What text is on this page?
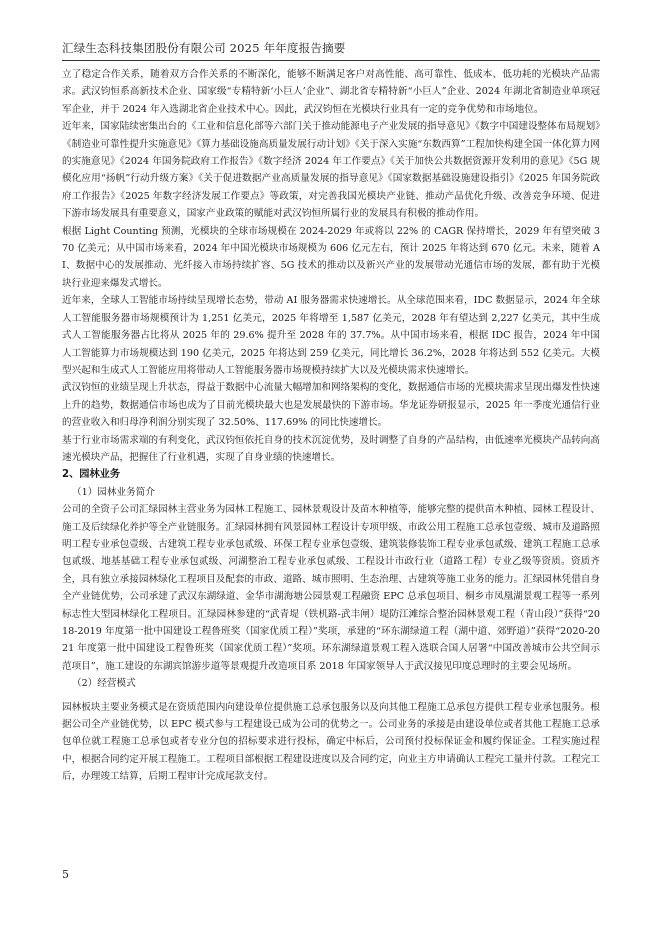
汇绿生态科技集团股份有限公司 2025 年年度报告摘要

立了稳定合作关系，随着双方合作关系的不断深化，能够不断满足客户对高性能、高可靠性、低成本、低功耗的光模块产品需求。武汉钧恒系高新技术企业、国家级“专精特新‘小巨人’企业”、湖北省专精特新“小巨人”企业、2024 年湖北省制造业单项冠军企业，并于 2024 年入选湖北省企业技术中心。因此，武汉钧恒在光模块行业具有一定的竞争优势和市场地位。

近年来，国家陆续密集出台的《工业和信息化部等六部门关于推动能源电子产业发展的指导意见》《数字中国建设整体布局规划》《制造业可靠性提升实施意见》《算力基础设施高质量发展行动计划》《关于深入实施“东数西算”工程加快构建全国一体化算力网的实施意见》《2024 年国务院政府工作报告》《数字经济 2024 年工作要点》《关于加快公共数据资源开发利用的意见》《5G 规模化应用“扬帆”行动升级方案》《关于促进数据产业高质量发展的指导意见》《国家数据基础设施建设指引》《2025 年国务院政府工作报告》《2025 年数字经济发展工作要点》等政策，对完善我国光模块产业链、推动产品优化升级、改善竞争环境、促进下游市场发展具有重要意义，国家产业政策的赋能对武汉钧恒所属行业的发展具有积极的推动作用。

根据 Light Counting 预测，光模块的全球市场规模在 2024-2029 年或将以 22% 的 CAGR 保持增长，2029 年有望突破 370 亿美元；从中国市场来看，2024 年中国光模块市场规模为 606 亿元左右，预计 2025 年将达到 670 亿元。未来，随着 AI、数据中心的发展推动、光纤接入市场持续扩容、5G 技术的推动以及新兴产业的发展带动光通信市场的发展，都有助于光模块行业迎来爆发式增长。

近年来，全球人工智能市场持续呈现增长态势，带动 AI 服务器需求快速增长。从全球范围来看，IDC 数据显示，2024 年全球人工智能服务器市场规模预计为 1,251 亿美元，2025 年将增至 1,587 亿美元，2028 年有望达到 2,227 亿美元，其中生成式人工智能服务器占比将从 2025 年的 29.6% 提升至 2028 年的 37.7%。从中国市场来看，根据 IDC 报告，2024 年中国人工智能算力市场规模达到 190 亿美元，2025 年将达到 259 亿美元，同比增长 36.2%，2028 年将达到 552 亿美元。大模型兴起和生成式人工智能应用将带动人工智能服务器市场规模持续扩大以及光模块需求快速增长。

武汉钧恒的业绩呈现上升状态，得益于数据中心流量大幅增加和网络架构的变化，数据通信市场的光模块需求呈现出爆发性快速上升的趋势，数据通信市场也成为了目前光模块最大也是发展最快的下游市场。华龙证券研报显示，2025 年一季度光通信行业的营业收入和归母净利润分别实现了 32.50%、117.69% 的同比快速增长。

基于行业市场需求端的有利变化，武汉钧恒依托自身的技术沉淀优势，及时调整了自身的产品结构，由低速率光模块产品转向高速光模块产品，把握住了行业机遇，实现了自身业绩的快速增长。

2、园林业务
（1）园林业务简介

公司的全资子公司汇绿园林主营业务为园林工程施工、园林景观设计及苗木种植等，能够完整的提供苗木种植、园林工程设计、施工及后续绿化养护等全产业链服务。汇绿园林拥有风景园林工程设计专项甲级、市政公用工程施工总承包壹级、城市及道路照明工程专业承包壹级、古建筑工程专业承包贰级、环保工程专业承包壹级、建筑装修装饰工程专业承包贰级、建筑工程施工总承包贰级、地基基础工程专业承包贰级、河湖整治工程专业承包贰级、工程设计市政行业（道路工程）专业乙级等资质。资质齐全，具有独立承接园林绿化工程项目及配套的市政、道路、城市照明、生态治理、古建筑等施工业务的能力。汇绿园林凭借自身全产业链优势，公司承建了武汉东湖绿道、金华市湖海塘公园景观工程融资 EPC 总承包项目、桐乡市凤凰湖景观工程等一系列标志性大型园林绿化工程项目。汇绿园林参建的“武青堤（铁机路-武丰闸）堤防江滩综合整治园林景观工程（青山段）”获得“2018-2019 年度第一批中国建设工程鲁班奖（国家优质工程）”奖项，承建的“环东湖绿道工程（湖中道、郊野道）”获得“2020-2021 年度第一批中国建设工程鲁班奖（国家优质工程）”奖项。环东湖绿道景观工程入选联合国人居署“中国改善城市公共空间示范项目”，施工建设的东湖宾馆游步道等景观提升改造项目系 2018 年国家领导人于武汉接见印度总理时的主要会见场所。

（2）经营模式

园林板块主要业务模式是在资质范围内向建设单位提供施工总承包服务以及向其他工程施工总承包方提供工程专业承包服务。根据公司全产业链优势，以 EPC 模式参与工程建设已成为公司的优势之一。公司业务的承接是由建设单位或者其他工程施工总承包单位就工程施工总承包或者专业分包的招标要求进行投标，确定中标后，公司预付投标保证金和履约保证金。工程实施过程中，根据合同约定开展工程施工。工程项目部根据工程建设进度以及合同约定，向业主方申请确认工程完工量并付款。工程完工后，办理竣工结算，后期工程审计完成尾款支付。

5
